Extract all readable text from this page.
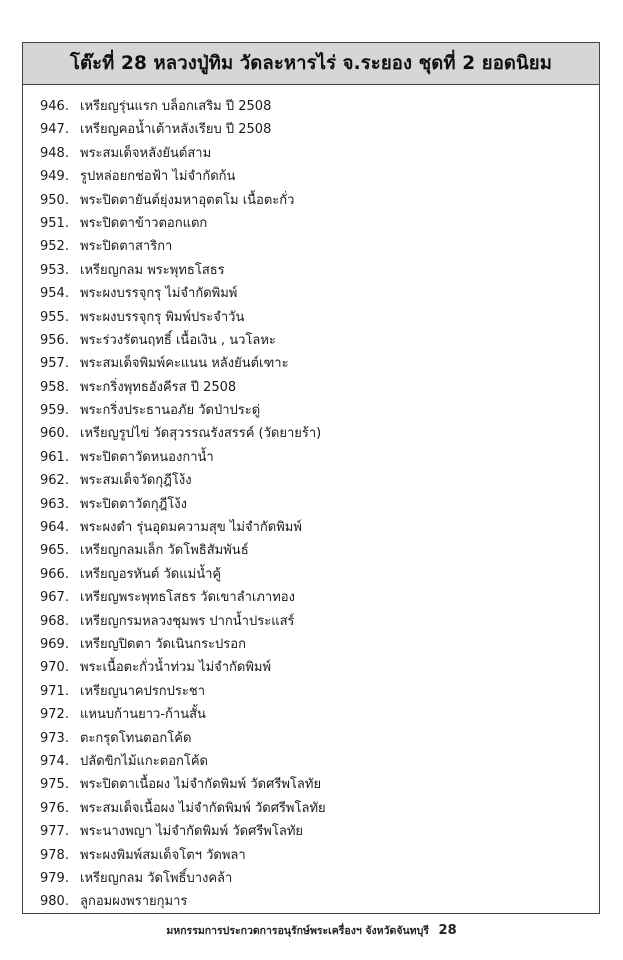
โต๊ะที่ 28 หลวงปู่ทิม วัดละหารไร่ จ.ระยอง ชุดที่ 2 ยอดนิยม
946. เหรียญรุ่นแรก บล็อกเสริม ปี 2508
947. เหรียญคอน้ำเต้าหลังเรียบ ปี 2508
948. พระสมเด็จหลังยันต์สาม
949. รูปหล่อยกช่อฟ้า ไม่จำกัดก้น
950. พระปิดตายันต์ยุ่งมหาอุตตโม เนื้อตะกั่ว
951. พระปิดตาข้าวตอกแตก
952. พระปิดตาสาริกา
953. เหรียญกลม พระพุทธโสธร
954. พระผงบรรจุกรุ ไม่จำกัดพิมพ์
955. พระผงบรรจุกรุ พิมพ์ประจำวัน
956. พระร่วงรัตนฤทธิ์ เนื้อเงิน , นวโลหะ
957. พระสมเด็จพิมพ์คะแนน หลังยันต์เฑาะ
958. พระกริ่งพุทธอังคีรส ปี 2508
959. พระกริ่งประธานอภัย วัดป่าประดู่
960. เหรียญรูปไข่ วัดสุวรรณรังสรรค์ (วัดยายร้า)
961. พระปิดตาวัดหนองกาน้ำ
962. พระสมเด็จวัดกุฎีโง้ง
963. พระปิดตาวัดกุฎีโง้ง
964. พระผงดำ รุ่นอุดมความสุข ไม่จำกัดพิมพ์
965. เหรียญกลมเล็ก วัดโพธิสัมพันธ์
966. เหรียญอรหันต์ วัดแม่น้ำคู้
967. เหรียญพระพุทธโสธร วัดเขาลำเภาทอง
968. เหรียญกรมหลวงชุมพร ปากน้ำประแสร์
969. เหรียญปิดตา วัดเนินกระปรอก
970. พระเนื้อตะกั่วน้ำท่วม ไม่จำกัดพิมพ์
971. เหรียญนาคปรกประชา
972. แหนบก้านยาว-ก้านสั้น
973. ตะกรุดโทนตอกโค้ด
974. ปลัดขิกไม้แกะตอกโค้ด
975. พระปิดตาเนื้อผง ไม่จำกัดพิมพ์ วัดศรีพโลทัย
976. พระสมเด็จเนื้อผง ไม่จำกัดพิมพ์ วัดศรีพโลทัย
977. พระนางพญา ไม่จำกัดพิมพ์ วัดศรีพโลทัย
978. พระผงพิมพ์สมเด็จโตฯ วัดพลา
979. เหรียญกลม วัดโพธิ์บางคล้า
980. ลูกอมผงพรายกุมาร
มหกรรมการประกวดการอนุรักษ์พระเครื่องฯ จังหวัดจันทบุรี 28
